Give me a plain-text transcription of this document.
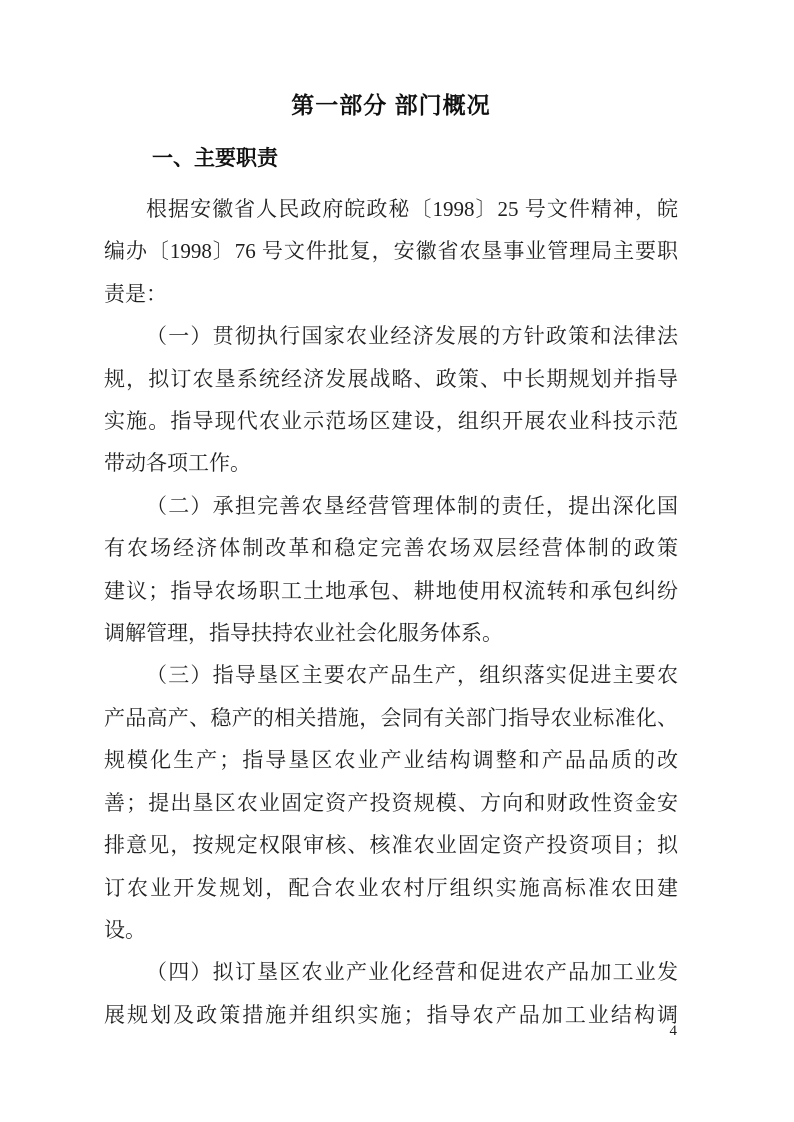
第一部分 部门概况
一、主要职责
根据安徽省人民政府皖政秘〔1998〕25 号文件精神，皖
编办〔1998〕76 号文件批复，安徽省农垦事业管理局主要职
责是：
（一）贯彻执行国家农业经济发展的方针政策和法律法
规，拟订农垦系统经济发展战略、政策、中长期规划并指导
实施。指导现代农业示范场区建设，组织开展农业科技示范
带动各项工作。
（二）承担完善农垦经营管理体制的责任，提出深化国
有农场经济体制改革和稳定完善农场双层经营体制的政策
建议；指导农场职工土地承包、耕地使用权流转和承包纠纷
调解管理，指导扶持农业社会化服务体系。
（三）指导垦区主要农产品生产，组织落实促进主要农
产品高产、稳产的相关措施，会同有关部门指导农业标准化、
规模化生产；指导垦区农业产业结构调整和产品品质的改
善；提出垦区农业固定资产投资规模、方向和财政性资金安
排意见，按规定权限审核、核准农业固定资产投资项目；拟
订农业开发规划，配合农业农村厅组织实施高标准农田建
设。
（四）拟订垦区农业产业化经营和促进农产品加工业发
展规划及政策措施并组织实施；指导农产品加工业结构调
4
